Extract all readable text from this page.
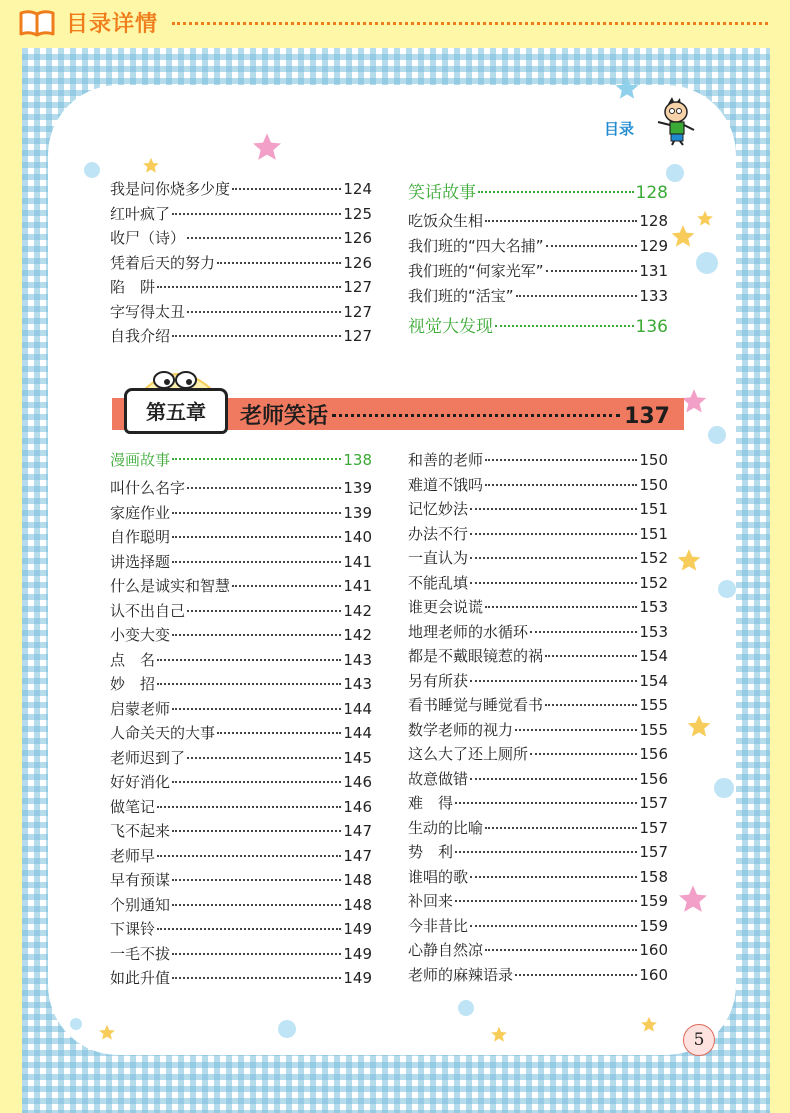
目录详情
目录
我是问你烧多少度	124
红叶疯了	125
收尸（诗）	126
凭着后天的努力	126
陷　阱	127
字写得太丑	127
自我介绍	127
笑话故事	128
吃饭众生相	128
我们班的“四大名捕”	129
我们班的“何家光军”	131
我们班的“活宝”	133
视觉大发现	136
第五章	老师笑话	137
漫画故事	138
叫什么名字	139
家庭作业	139
自作聪明	140
讲选择题	141
什么是诚实和智慧	141
认不出自己	142
小变大变	142
点　名	143
妙　招	143
启蒙老师	144
人命关天的大事	144
老师迟到了	145
好好消化	146
做笔记	146
飞不起来	147
老师早	147
早有预谋	148
个别通知	148
下课铃	149
一毛不拔	149
如此升值	149
和善的老师	150
难道不饿吗	150
记忆妙法	151
办法不行	151
一直认为	152
不能乱填	152
谁更会说谎	153
地理老师的水循环	153
都是不戴眼镜惹的祸	154
另有所获	154
看书睡觉与睡觉看书	155
数学老师的视力	155
这么大了还上厕所	156
故意做错	156
难　得	157
生动的比喻	157
势　利	157
谁唱的歌	158
补回来	159
今非昔比	159
心静自然凉	160
老师的麻辣语录	160
5
